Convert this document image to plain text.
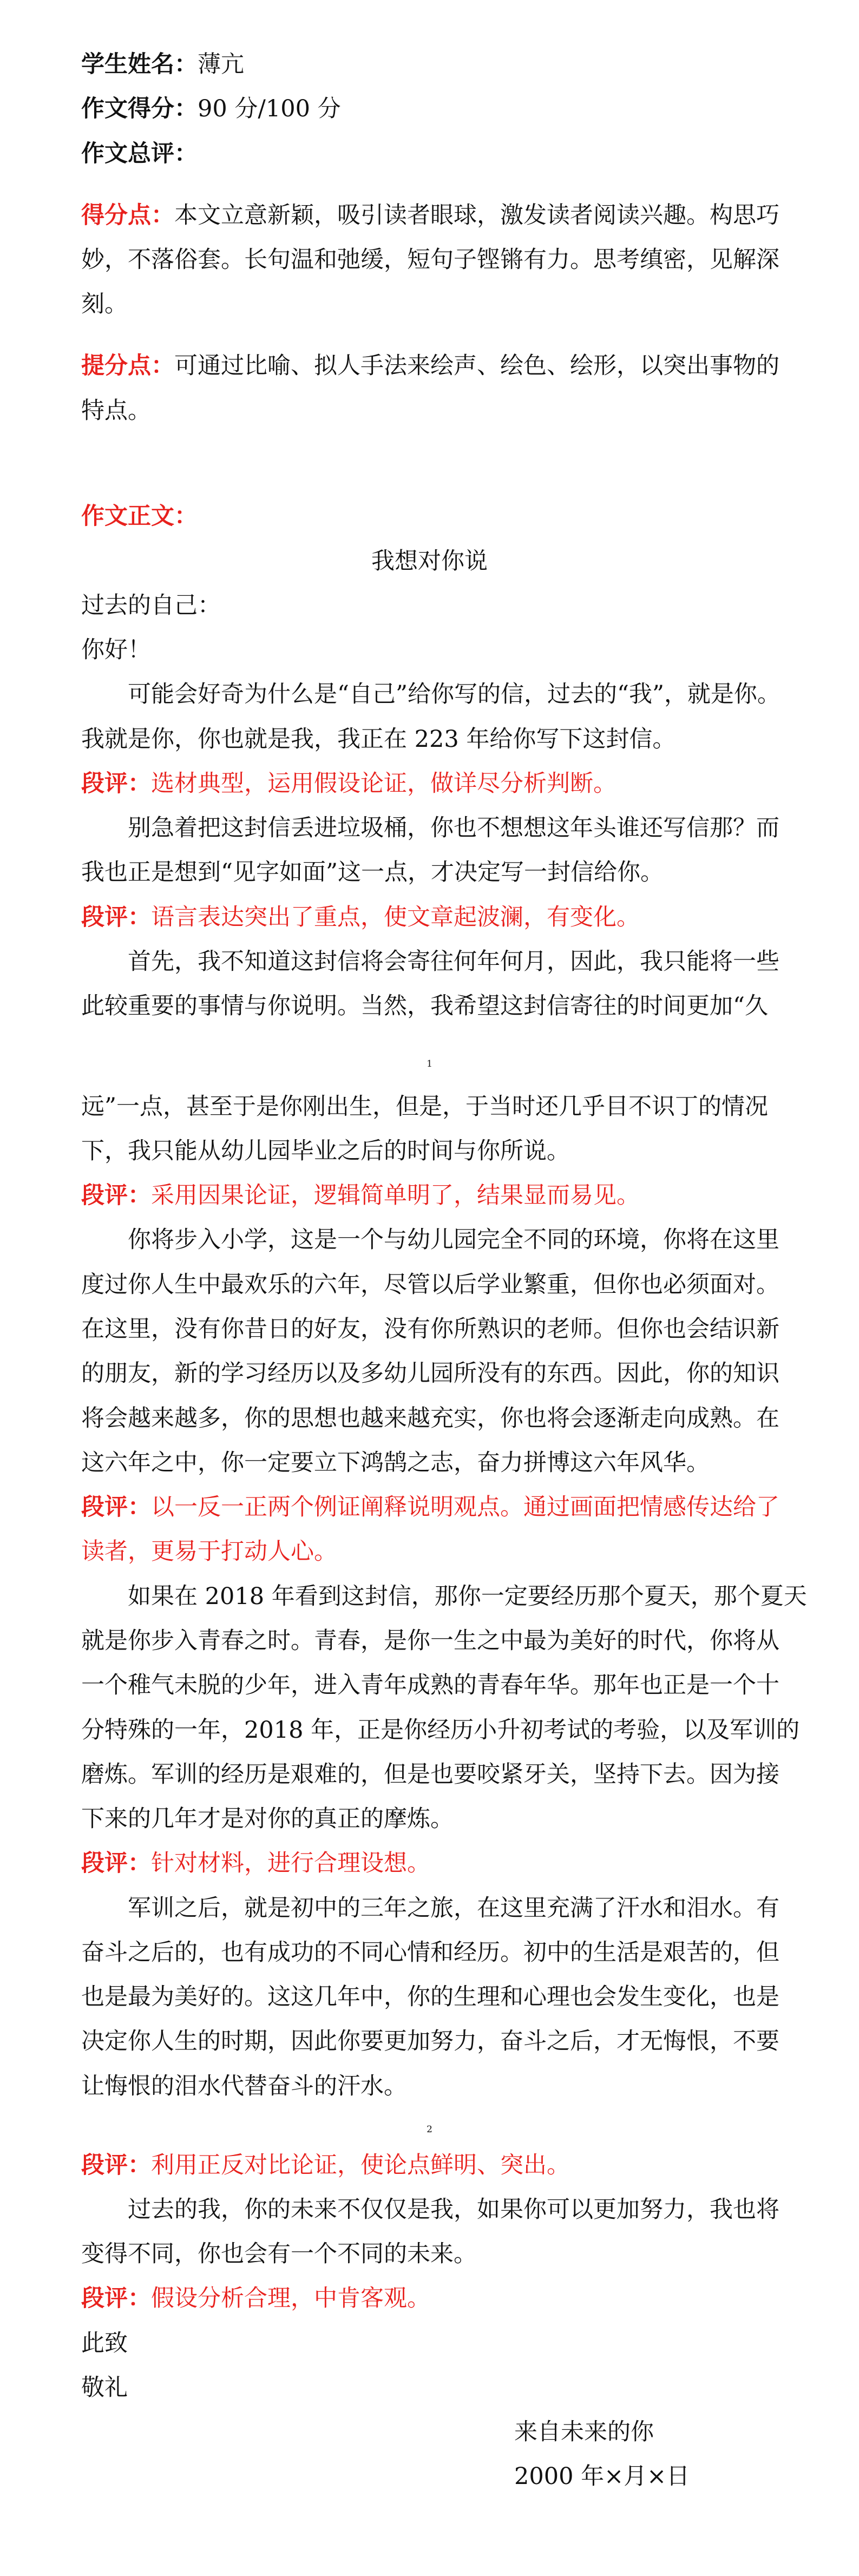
学生姓名：薄亢
作文得分：90 分/100 分
作文总评：
得分点：本文立意新颖，吸引读者眼球，激发读者阅读兴趣。构思巧
妙，不落俗套。长句温和弛缓，短句子铿锵有力。思考缜密，见解深
刻。
提分点：可通过比喻、拟人手法来绘声、绘色、绘形，以突出事物的
特点。
作文正文：
我想对你说
过去的自己：
你好！
可能会好奇为什么是“自己”给你写的信，过去的“我”，就是你。
我就是你，你也就是我，我正在 223 年给你写下这封信。
段评：选材典型，运用假设论证，做详尽分析判断。
别急着把这封信丢进垃圾桶，你也不想想这年头谁还写信那？而
我也正是想到“见字如面”这一点，才决定写一封信给你。
段评：语言表达突出了重点，使文章起波澜，有变化。
首先，我不知道这封信将会寄往何年何月，因此，我只能将一些
此较重要的事情与你说明。当然，我希望这封信寄往的时间更加“久
1
远”一点，甚至于是你刚出生，但是，于当时还几乎目不识丁的情况
下，我只能从幼儿园毕业之后的时间与你所说。
段评：采用因果论证，逻辑简单明了，结果显而易见。
你将步入小学，这是一个与幼儿园完全不同的环境，你将在这里
度过你人生中最欢乐的六年，尽管以后学业繁重，但你也必须面对。
在这里，没有你昔日的好友，没有你所熟识的老师。但你也会结识新
的朋友，新的学习经历以及多幼儿园所没有的东西。因此，你的知识
将会越来越多，你的思想也越来越充实，你也将会逐渐走向成熟。在
这六年之中，你一定要立下鸿鹄之志，奋力拼博这六年风华。
段评：以一反一正两个例证阐释说明观点。通过画面把情感传达给了
读者，更易于打动人心。
如果在 2018 年看到这封信，那你一定要经历那个夏天，那个夏天
就是你步入青春之时。青春，是你一生之中最为美好的时代，你将从
一个稚气未脱的少年，进入青年成熟的青春年华。那年也正是一个十
分特殊的一年，2018 年，正是你经历小升初考试的考验，以及军训的
磨炼。军训的经历是艰难的，但是也要咬紧牙关，坚持下去。因为接
下来的几年才是对你的真正的摩炼。
段评：针对材料，进行合理设想。
军训之后，就是初中的三年之旅，在这里充满了汗水和泪水。有
奋斗之后的，也有成功的不同心情和经历。初中的生活是艰苦的，但
也是最为美好的。这这几年中，你的生理和心理也会发生变化，也是
决定你人生的时期，因此你要更加努力，奋斗之后，才无悔恨，不要
让悔恨的泪水代替奋斗的汗水。
2
段评：利用正反对比论证，使论点鲜明、突出。
过去的我，你的未来不仅仅是我，如果你可以更加努力，我也将
变得不同，你也会有一个不同的未来。
段评：假设分析合理，中肯客观。
此致
敬礼
来自未来的你
2000 年×月×日
